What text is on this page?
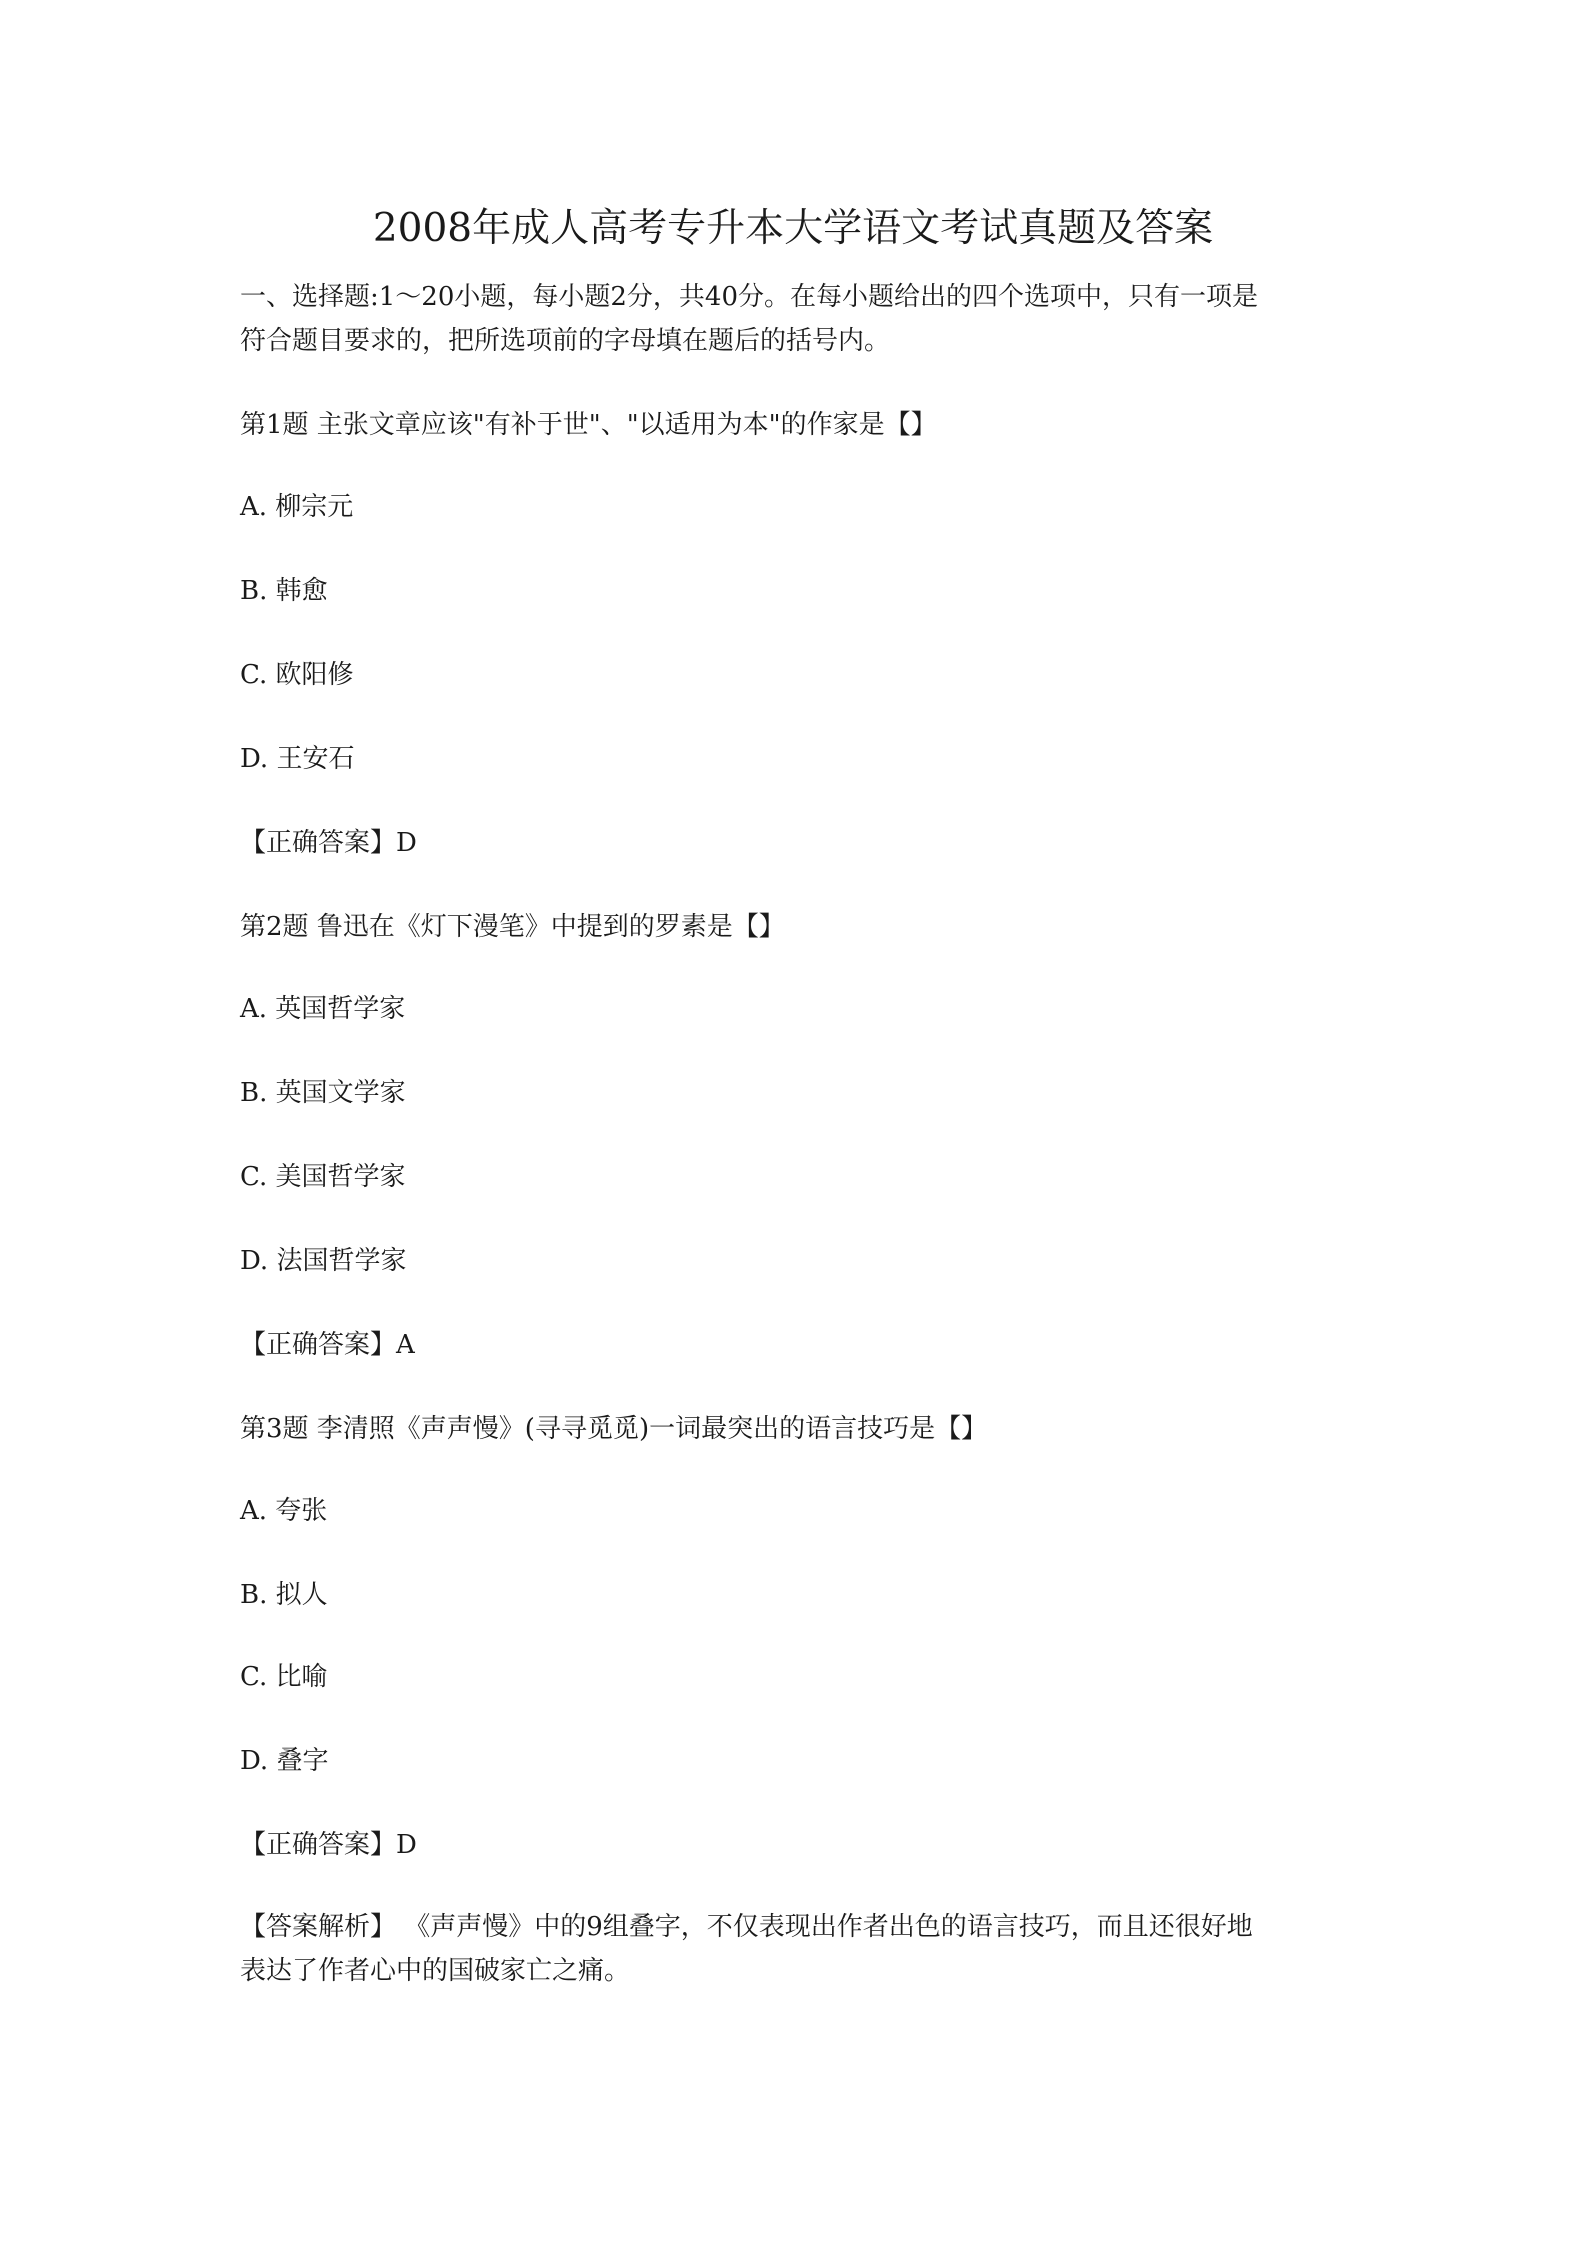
2008年成人高考专升本大学语文考试真题及答案
一、选择题:1～20小题，每小题2分，共40分。在每小题给出的四个选项中，只有一项是
符合题目要求的，把所选项前的字母填在题后的括号内。
第1题 主张文章应该"有补于世"、"以适用为本"的作家是【】
A. 柳宗元
B. 韩愈
C. 欧阳修
D. 王安石
【正确答案】D
第2题 鲁迅在《灯下漫笔》中提到的罗素是【】
A. 英国哲学家
B. 英国文学家
C. 美国哲学家
D. 法国哲学家
【正确答案】A
第3题 李清照《声声慢》(寻寻觅觅)一词最突出的语言技巧是【】
A. 夸张
B. 拟人
C. 比喻
D. 叠字
【正确答案】D
【答案解析】 《声声慢》中的9组叠字，不仅表现出作者出色的语言技巧，而且还很好地
表达了作者心中的国破家亡之痛。
